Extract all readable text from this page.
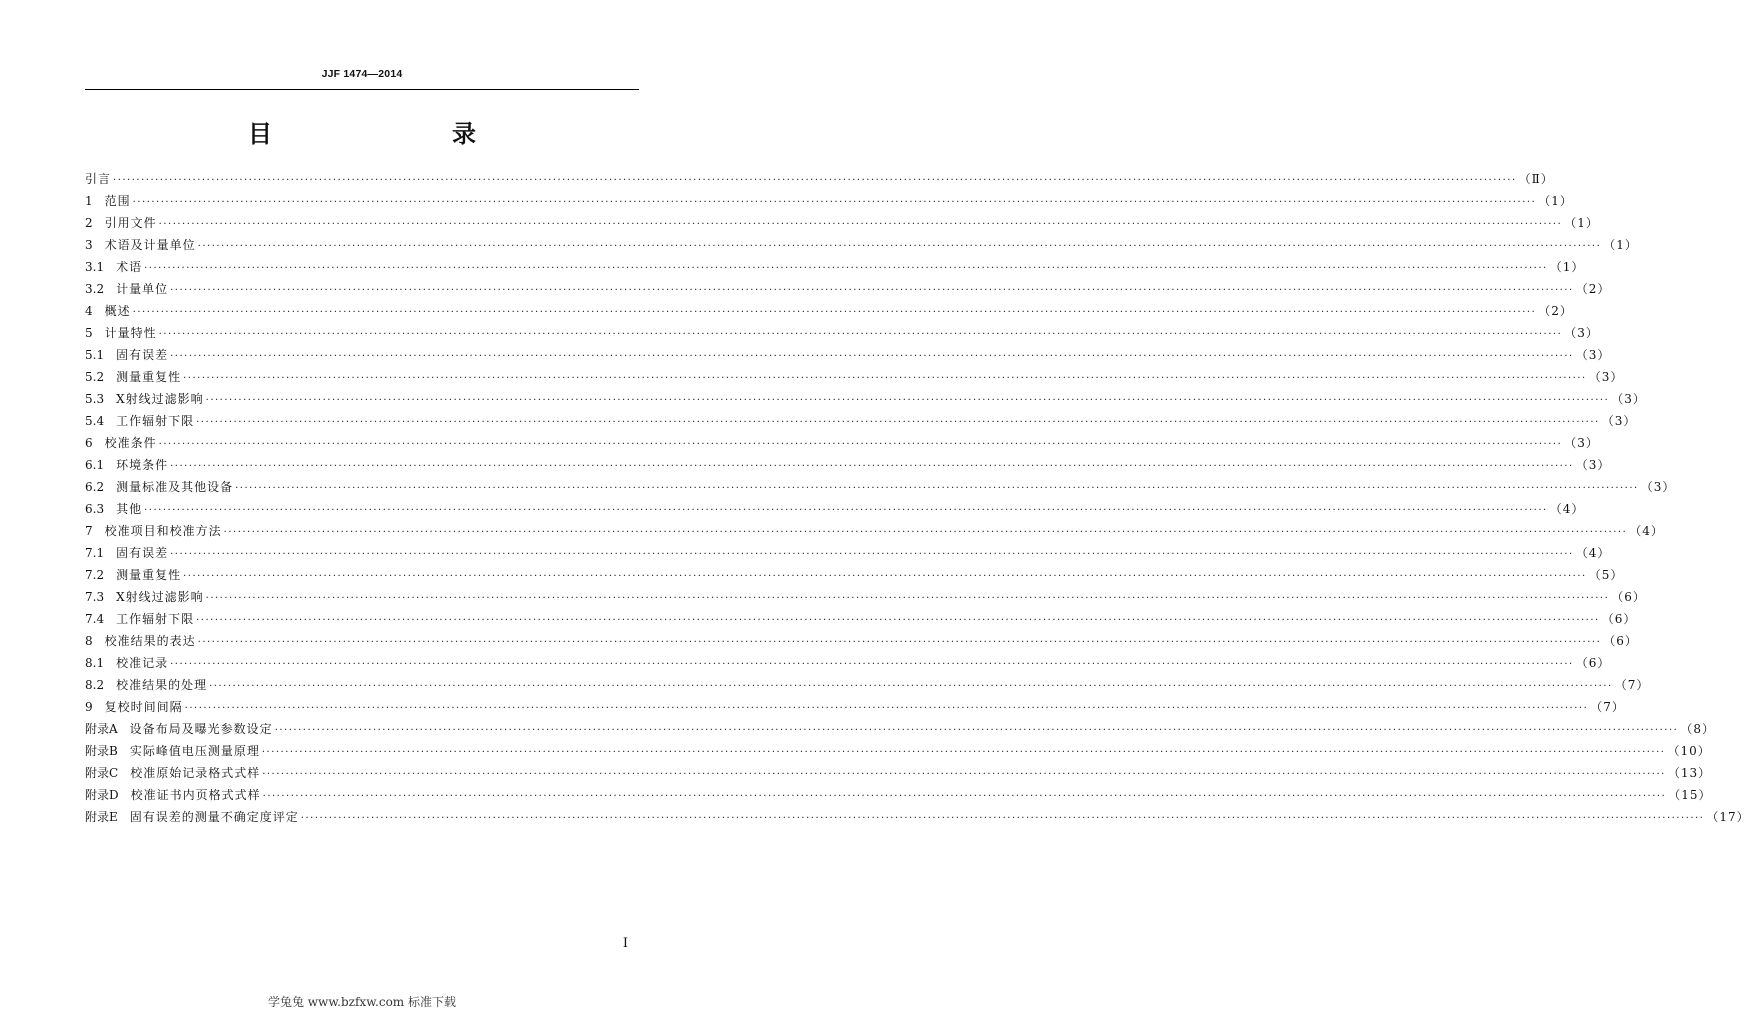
JJF 1474—2014
目　　录
引言 ············································································································································································································································································································ （Ⅱ）
1　 范围 ············································································································································································································································································································ （1）
2　 引用文件 ············································································································································································································································································································ （1）
3　 术语及计量单位 ············································································································································································································································································································ （1）
3.1　 术语 ············································································································································································································································································································ （1）
3.2　 计量单位 ············································································································································································································································································································ （2）
4　 概述 ············································································································································································································································································································ （2）
5　 计量特性 ············································································································································································································································································································ （3）
5.1　 固有误差 ············································································································································································································································································································ （3）
5.2　 测量重复性 ············································································································································································································································································································ （3）
5.3　 X射线过滤影响 ············································································································································································································································································································ （3）
5.4　 工作辐射下限 ············································································································································································································································································································ （3）
6　 校准条件 ············································································································································································································································································································ （3）
6.1　 环境条件 ············································································································································································································································································································ （3）
6.2　 测量标准及其他设备 ············································································································································································································································································································ （3）
6.3　 其他 ············································································································································································································································································································ （4）
7　 校准项目和校准方法 ············································································································································································································································································································ （4）
7.1　 固有误差 ············································································································································································································································································································ （4）
7.2　 测量重复性 ············································································································································································································································································································ （5）
7.3　 X射线过滤影响 ············································································································································································································································································································ （6）
7.4　 工作辐射下限 ············································································································································································································································································································ （6）
8　 校准结果的表达 ············································································································································································································································································································ （6）
8.1　 校准记录 ············································································································································································································································································································ （6）
8.2　 校准结果的处理 ············································································································································································································································································································ （7）
9　 复校时间间隔 ············································································································································································································································································································ （7）
附录A　 设备布局及曝光参数设定 ············································································································································································································································································································ （8）
附录B　 实际峰值电压测量原理 ············································································································································································································································································································ （10）
附录C　 校准原始记录格式式样 ············································································································································································································································································································ （13）
附录D　 校准证书内页格式式样 ············································································································································································································································································································ （15）
附录E　 固有误差的测量不确定度评定 ············································································································································································································································································································ （17）
I
学兔兔 www.bzfxw.com 标准下载
